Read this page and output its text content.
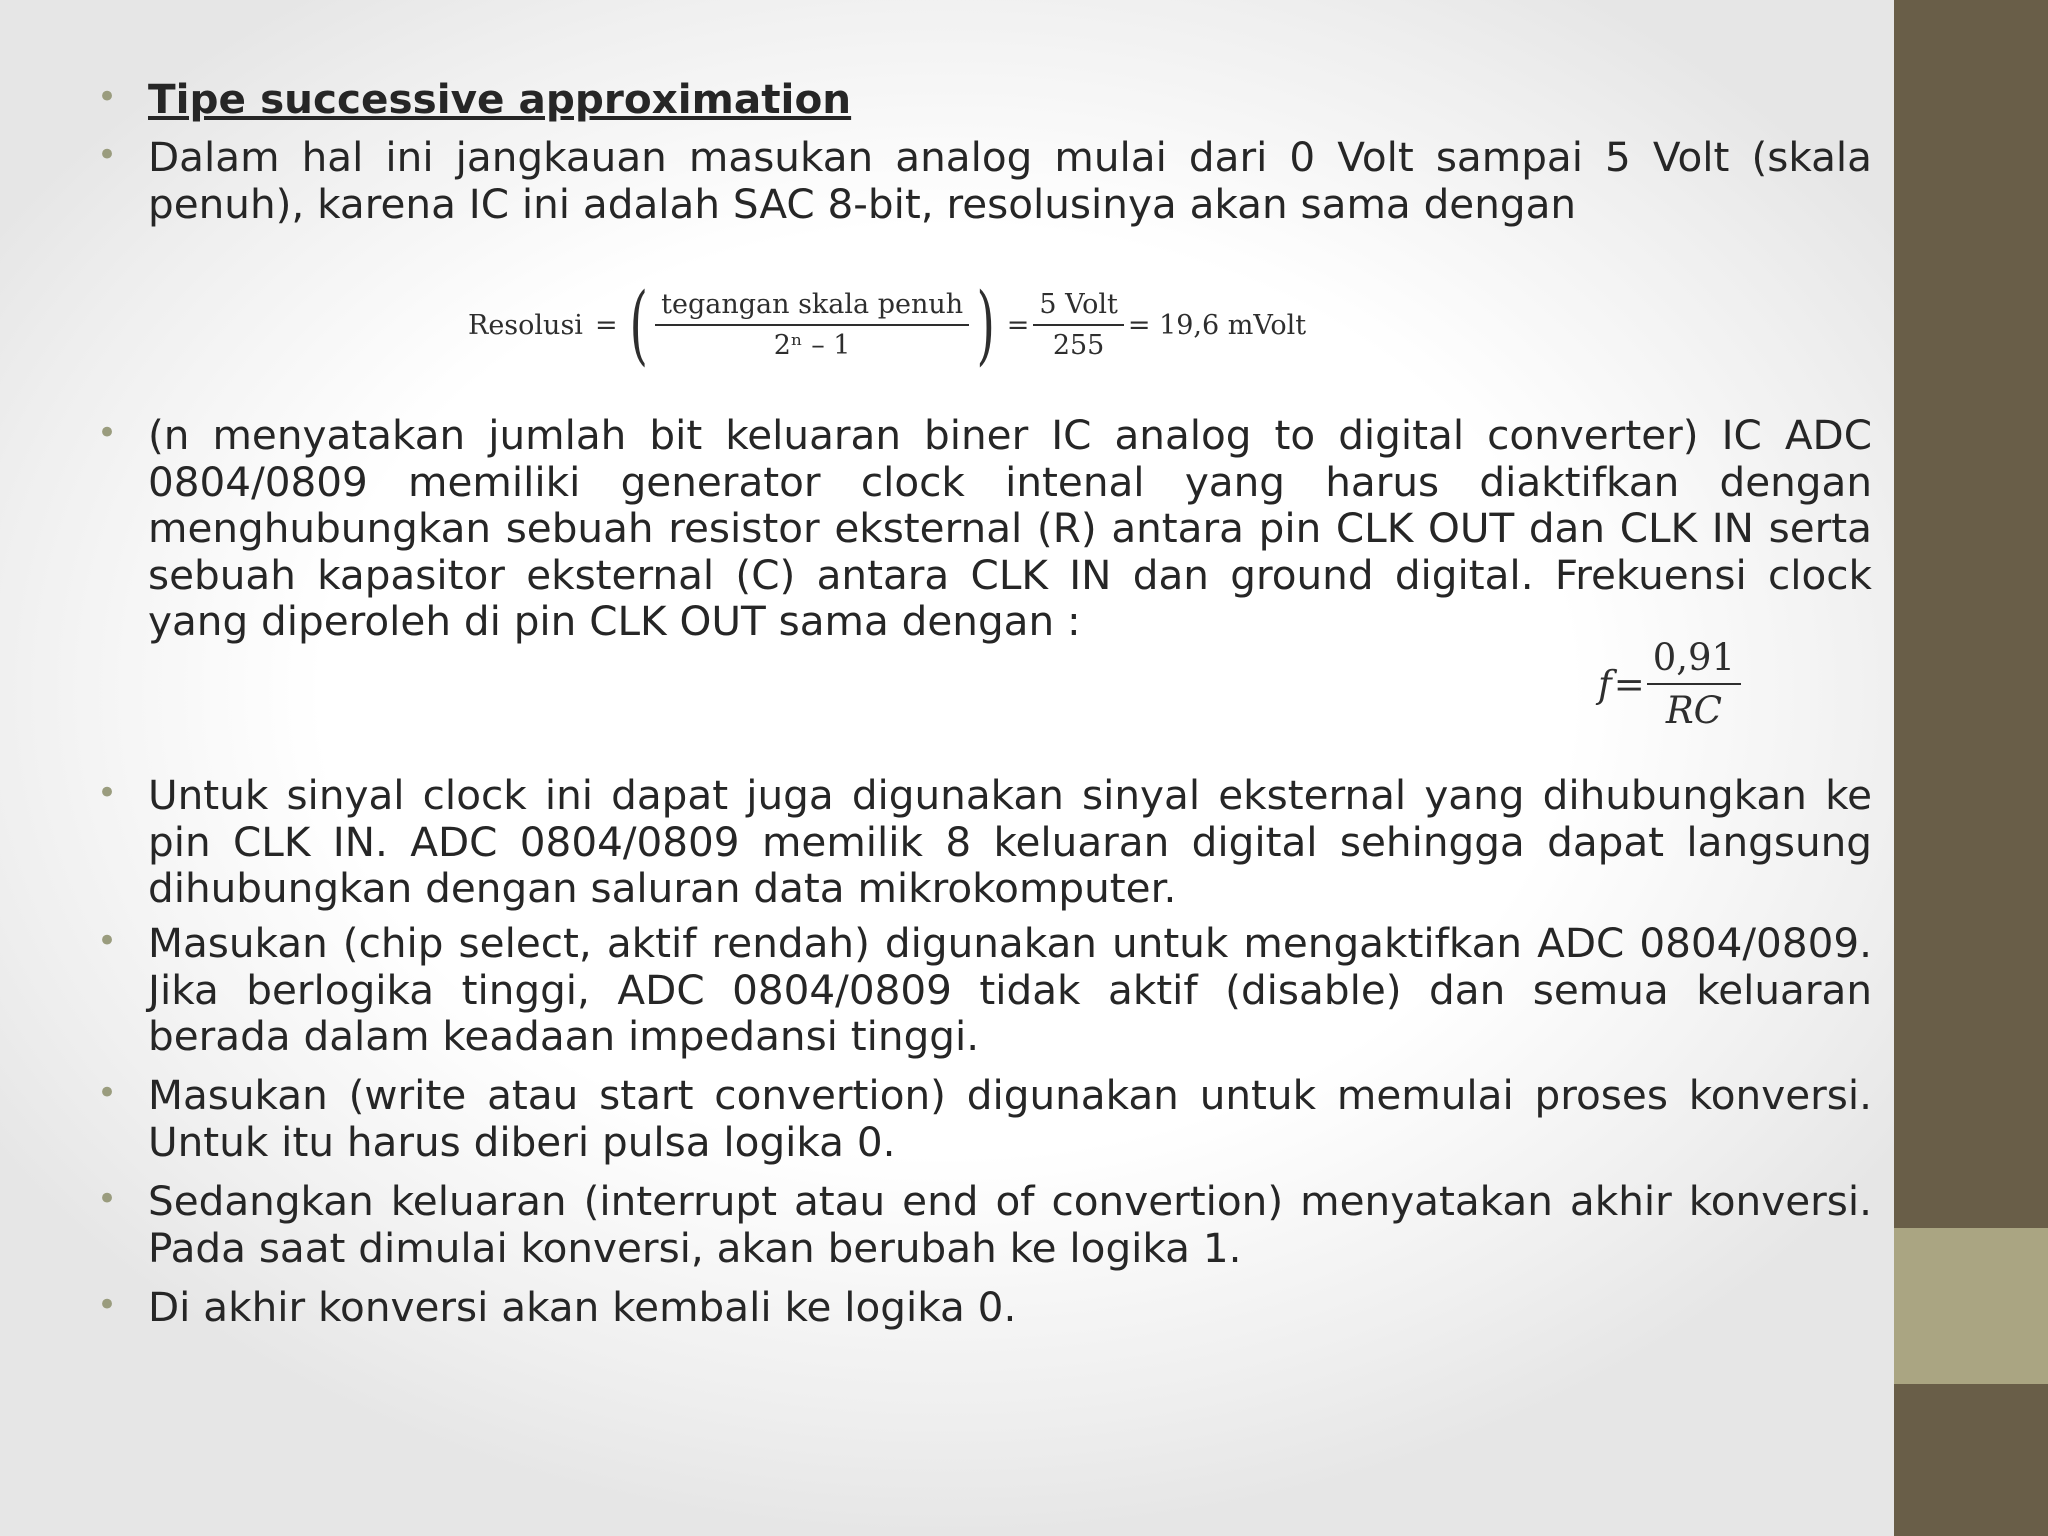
• Tipe successive approximation
• Dalam hal ini jangkauan masukan analog mulai dari 0 Volt sampai 5 Volt (skala penuh), karena IC ini adalah SAC 8-bit, resolusinya akan sama dengan
Resolusi = ( $\frac{\text{tegangan skala penuh}}{\text{2ⁿ – 1}}$ ) = $\frac{\text{5 Volt}}{255} = 19,6$ mVolt
• (n menyatakan jumlah bit keluaran biner IC analog to digital converter) IC ADC 0804/0809 memiliki generator clock intenal yang harus diaktifkan dengan menghubungkan sebuah resistor eksternal (R) antara pin CLK OUT dan CLK IN serta sebuah kapasitor eksternal (C) antara CLK IN dan ground digital. Frekuensi clock yang diperoleh di pin CLK OUT sama dengan :
$f = \frac{0,91}{RC}$
• Untuk sinyal clock ini dapat juga digunakan sinyal eksternal yang dihubungkan ke pin CLK IN. ADC 0804/0809 memilik 8 keluaran digital sehingga dapat langsung dihubungkan dengan saluran data mikrokomputer.
• Masukan (chip select, aktif rendah) digunakan untuk mengaktifkan ADC 0804/0809. Jika berlogika tinggi, ADC 0804/0809 tidak aktif (disable) dan semua keluaran berada dalam keadaan impedansi tinggi.
• Masukan (write atau start convertion) digunakan untuk memulai proses konversi. Untuk itu harus diberi pulsa logika 0.
• Sedangkan keluaran (interrupt atau end of convertion) menyatakan akhir konversi. Pada saat dimulai konversi, akan berubah ke logika 1.
• Di akhir konversi akan kembali ke logika 0.
